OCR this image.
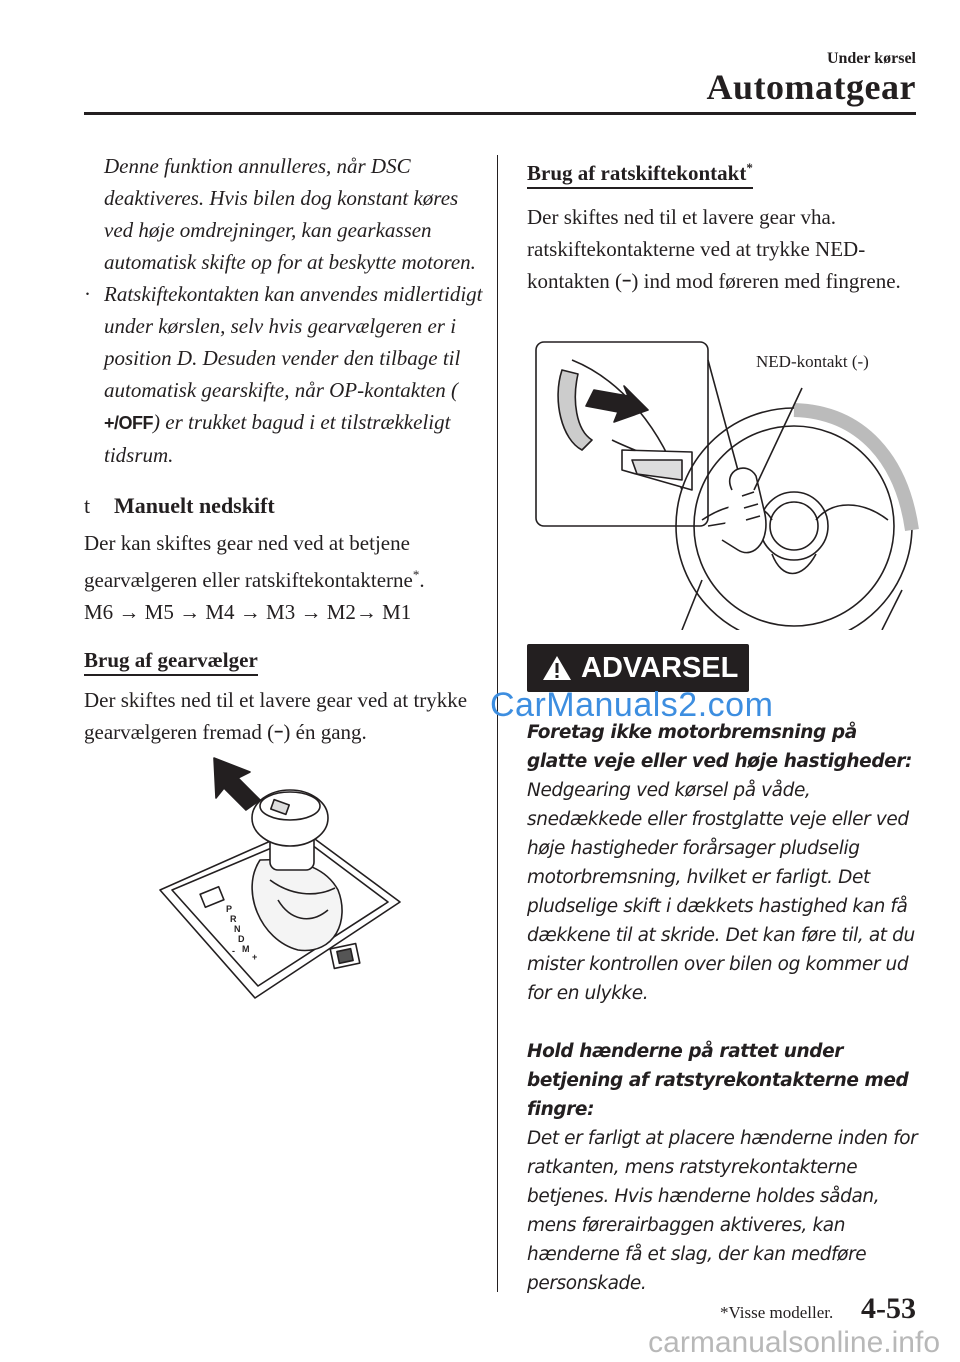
Under kørsel
Automatgear

Denne funktion annulleres, når DSC deaktiveres. Hvis bilen dog konstant køres ved høje omdrejninger, kan gearkassen automatisk skifte op for at beskytte motoren.

· Ratskiftekontakten kan anvendes midlertidigt under kørslen, selv hvis gearvælgeren er i position D. Desuden vender den tilbage til automatisk gearskifte, når OP-kontakten (+/OFF) er trukket bagud i et tilstrækkeligt tidsrum.

t	Manuelt nedskift

Der kan skiftes gear ned ved at betjene gearvælgeren eller ratskiftekontakterne*.
M6 → M5 → M4 → M3 → M2→ M1

Brug af gearvælger

Der skiftes ned til et lavere gear ved at trykke gearvælgeren fremad (−) én gang.

P
R
N
D
M
-
+
Brug af ratskiftekontakt*

Der skiftes ned til et lavere gear vha. ratskiftekontakterne ved at trykke NED-kontakten (−) ind mod føreren med fingrene.

NED-kontakt (-)
ADVARSEL
CarManuals2.com

Foretag ikke motorbremsning på glatte veje eller ved høje hastigheder:

Nedgearing ved kørsel på våde, snedækkede eller frostglatte veje eller ved høje hastigheder forårsager pludselig motorbremsning, hvilket er farligt. Det pludselige skift i dækkets hastighed kan få dækkene til at skride. Det kan føre til, at du mister kontrollen over bilen og kommer ud for en ulykke.

Hold hænderne på rattet under betjening af ratstyrekontakterne med fingre:

Det er farligt at placere hænderne inden for ratkanten, mens ratstyrekontakterne betjenes. Hvis hænderne holdes sådan, mens førerairbaggen aktiveres, kan hænderne få et slag, der kan medføre personskade.

*Visse modeller. 4-53
carmanualsonline.info
